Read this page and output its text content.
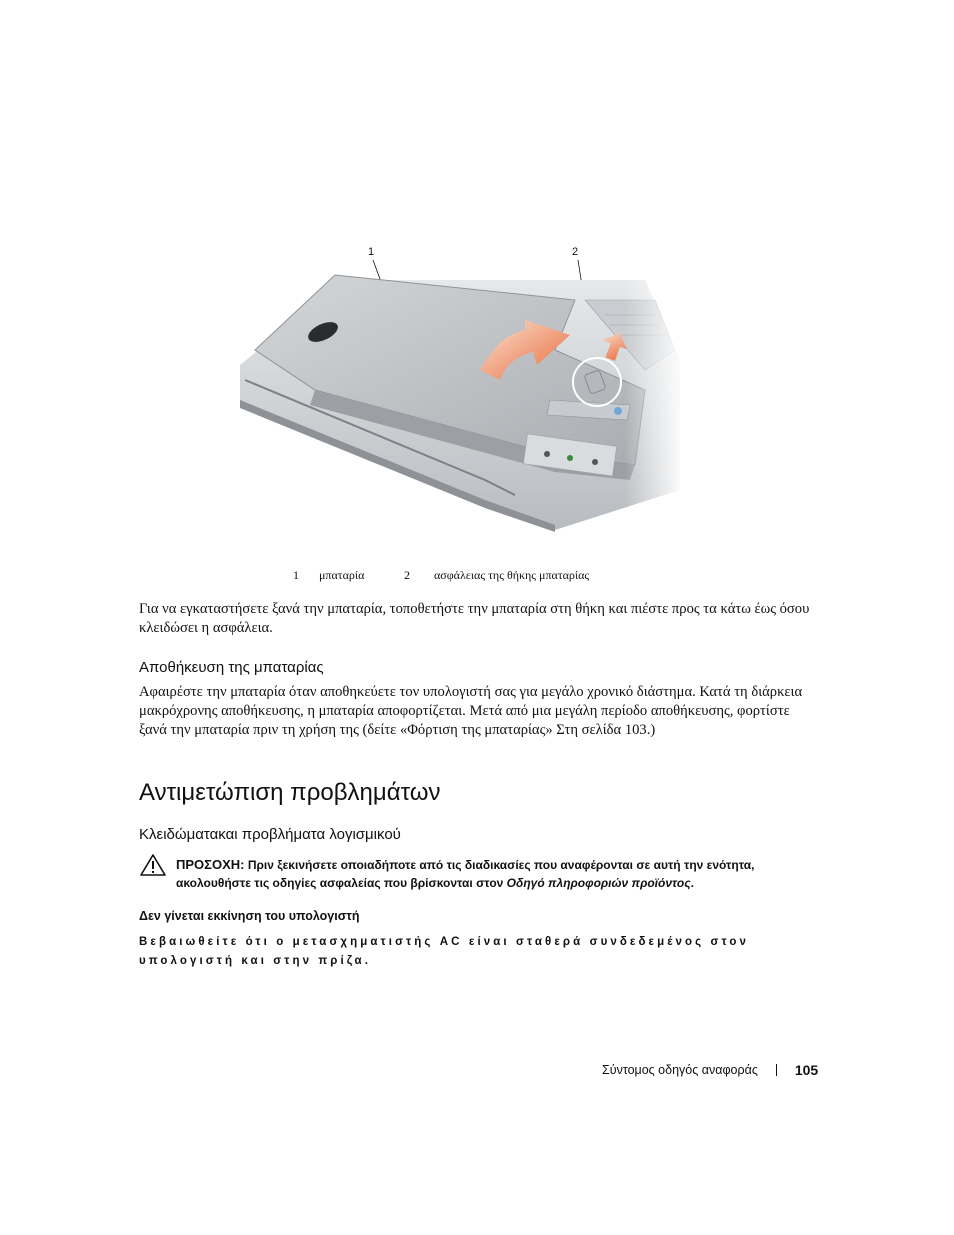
1	2
1	μπαταρία	2	ασφάλειας της θήκης μπαταρίας

Για να εγκαταστήσετε ξανά την μπαταρία, τοποθετήστε την μπαταρία στη θήκη και πιέστε προς τα κάτω έως όσου κλειδώσει η ασφάλεια.

Αποθήκευση της μπαταρίας

Αφαιρέστε την μπαταρία όταν αποθηκεύετε τον υπολογιστή σας για μεγάλο χρονικό διάστημα. Κατά τη διάρκεια μακρόχρονης αποθήκευσης, η μπαταρία αποφορτίζεται. Μετά από μια μεγάλη περίοδο αποθήκευσης, φορτίστε ξανά την μπαταρία πριν τη χρήση της (δείτε «Φόρτιση της μπαταρίας» Στη σελίδα 103.)

Αντιμετώπιση προβλημάτων
Κλειδώματακαι προβλήματα λογισμικού
ΠΡΟΣΟΧΗ: Πριν ξεκινήσετε οποιαδήποτε από τις διαδικασίες που αναφέρονται σε αυτή την ενότητα, ακολουθήστε τις οδηγίες ασφαλείας που βρίσκονται στον Οδηγό πληροφοριών προϊόντος.
Δεν γίνεται εκκίνηση του υπολογιστή
Βεβαιωθείτε ότι ο μετασχηματιστής AC είναι σταθερά συνδεδεμένος στον υπολογιστή και στην πρίζα.
Σύντομος οδηγός αναφοράς	105
